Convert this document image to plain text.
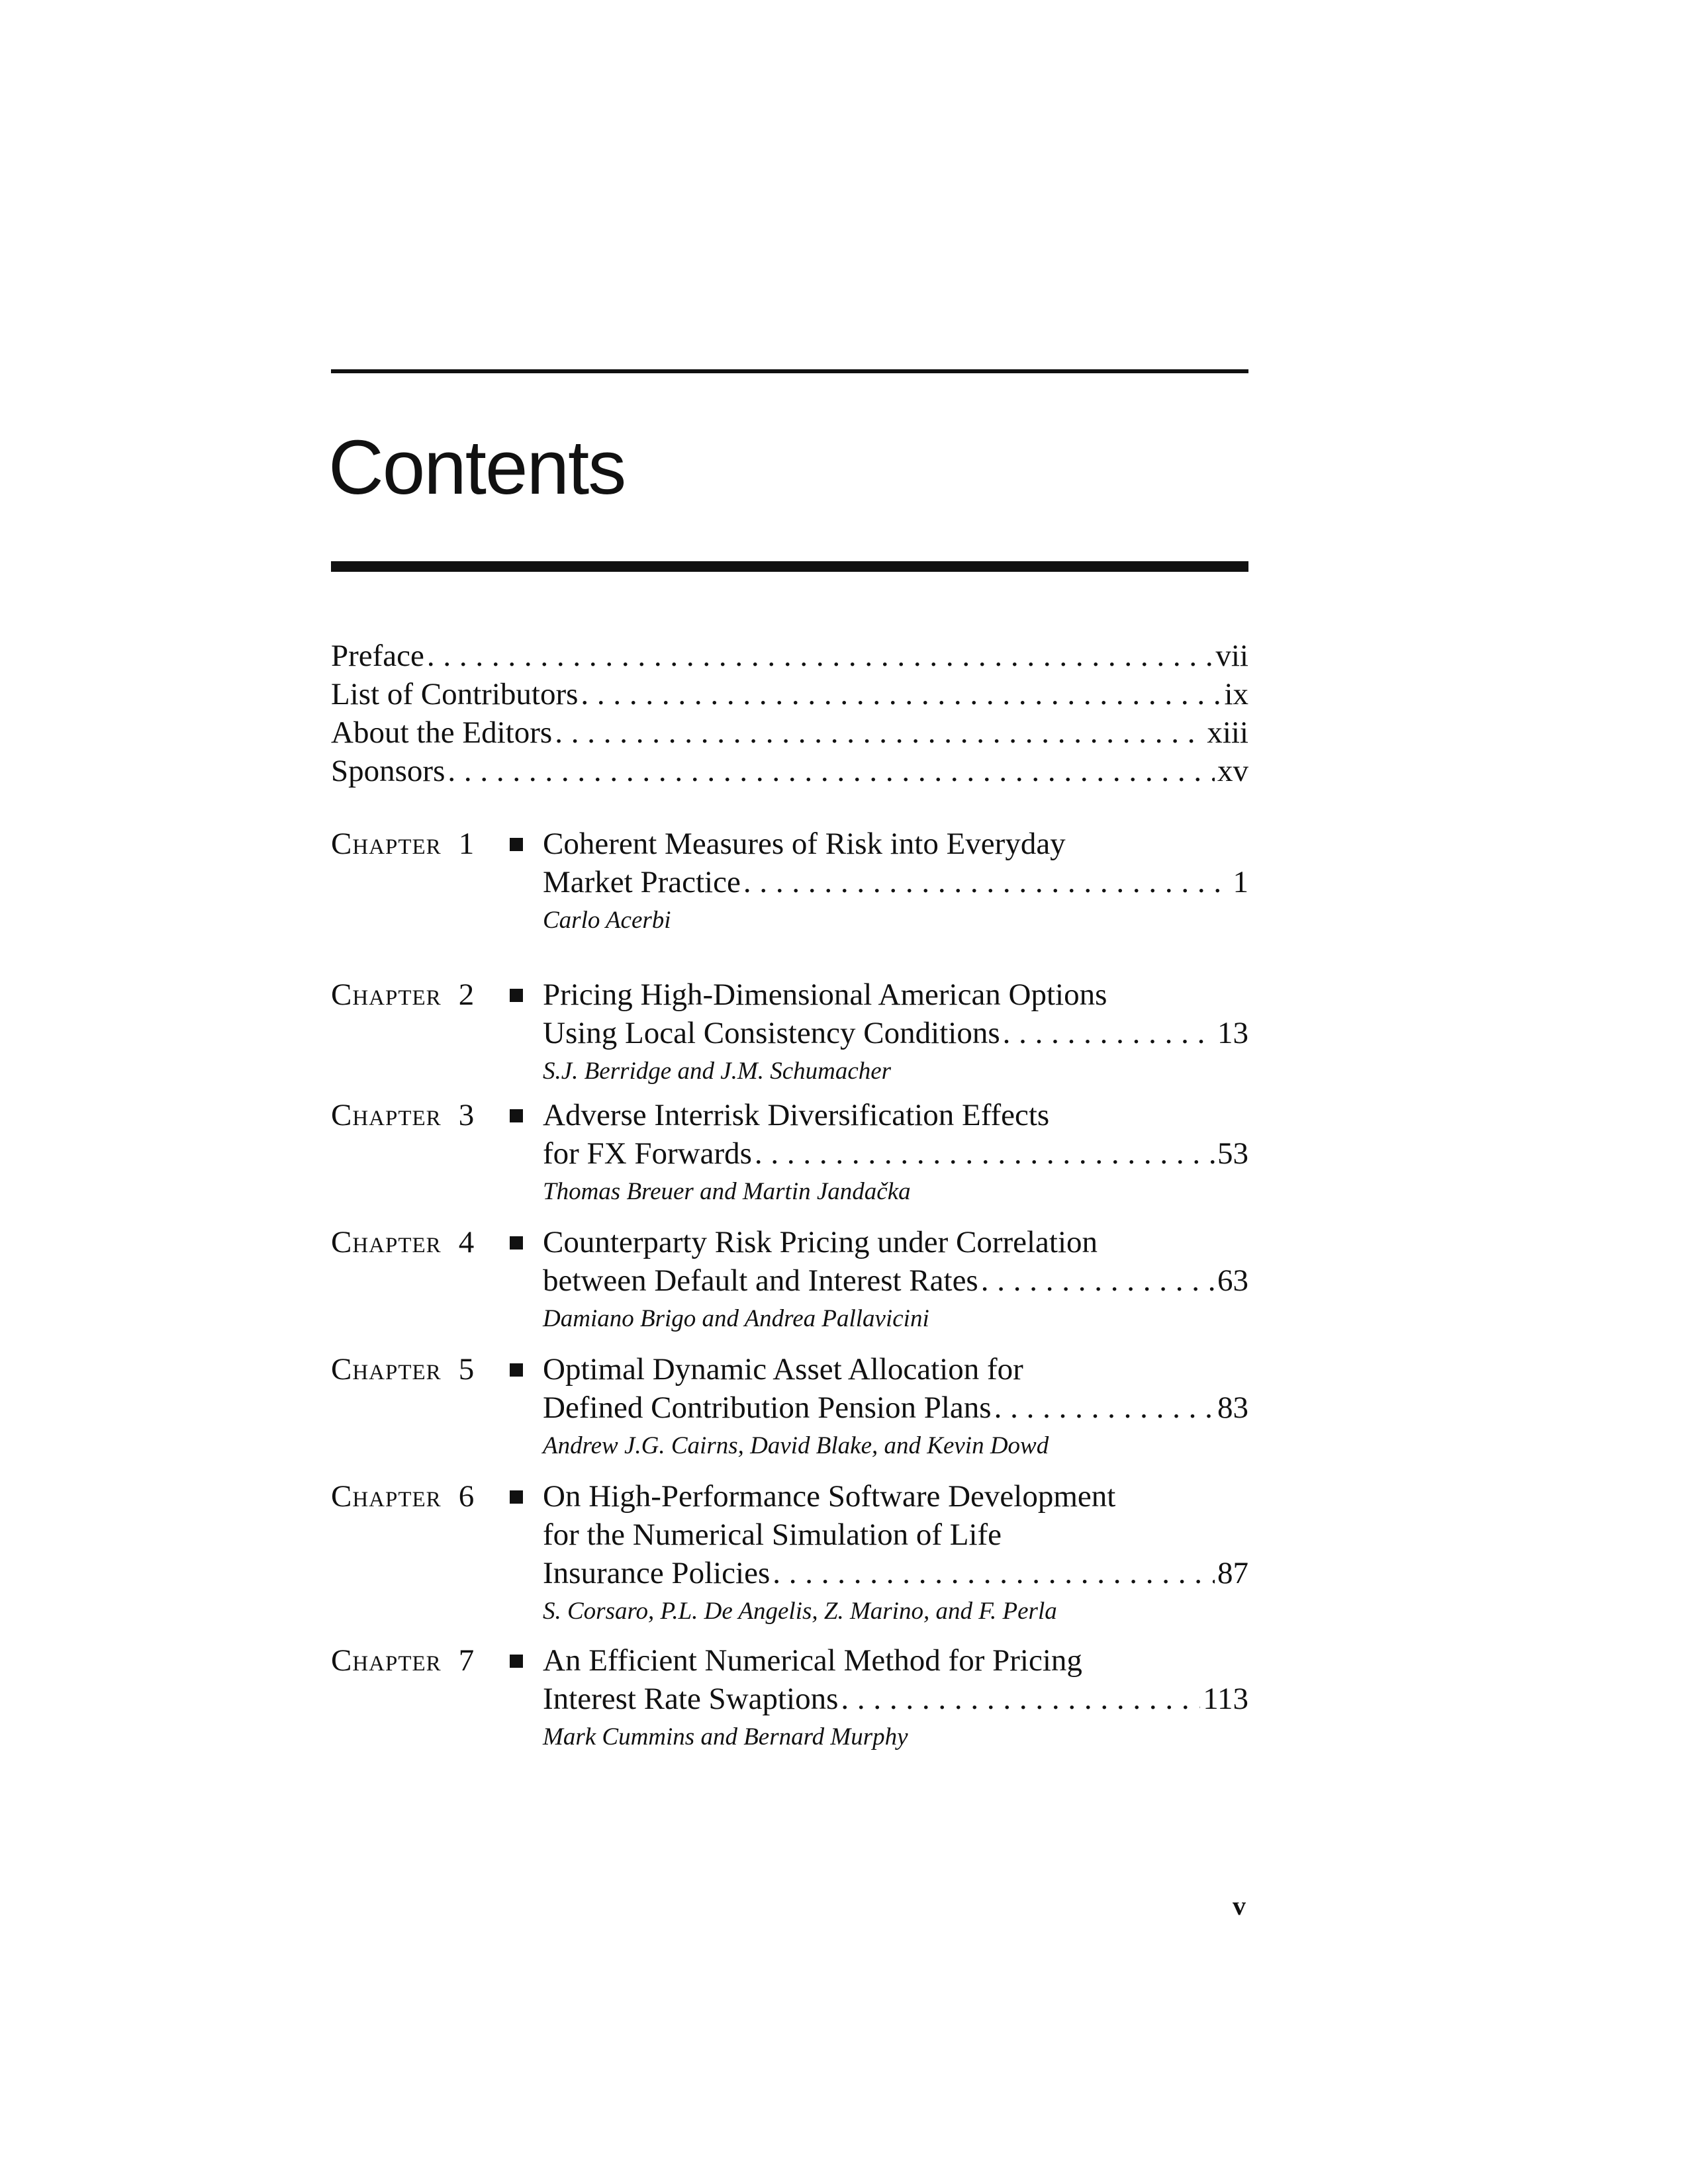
Contents
Preface . . .	vii
List of Contributors . . .	ix
About the Editors . . .	xiii
Sponsors . . .	xv
Chapter 1 Coherent Measures of Risk into Everyday
Market Practice . . .	1
Carlo Acerbi
Chapter 2 Pricing High-Dimensional American Options
Using Local Consistency Conditions . . .	13
S.J. Berridge and J.M. Schumacher
Chapter 3 Adverse Interrisk Diversification Effects
for FX Forwards . . .	53
Thomas Breuer and Martin Jandačka
Chapter 4 Counterparty Risk Pricing under Correlation
between Default and Interest Rates . . .	63
Damiano Brigo and Andrea Pallavicini
Chapter 5 Optimal Dynamic Asset Allocation for
Defined Contribution Pension Plans . . .	83
Andrew J.G. Cairns, David Blake, and Kevin Dowd
Chapter 6 On High-Performance Software Development
for the Numerical Simulation of Life
Insurance Policies . . .	87
S. Corsaro, P.L. De Angelis, Z. Marino, and F. Perla
Chapter 7 An Efficient Numerical Method for Pricing
Interest Rate Swaptions . . .	113
Mark Cummins and Bernard Murphy
v
